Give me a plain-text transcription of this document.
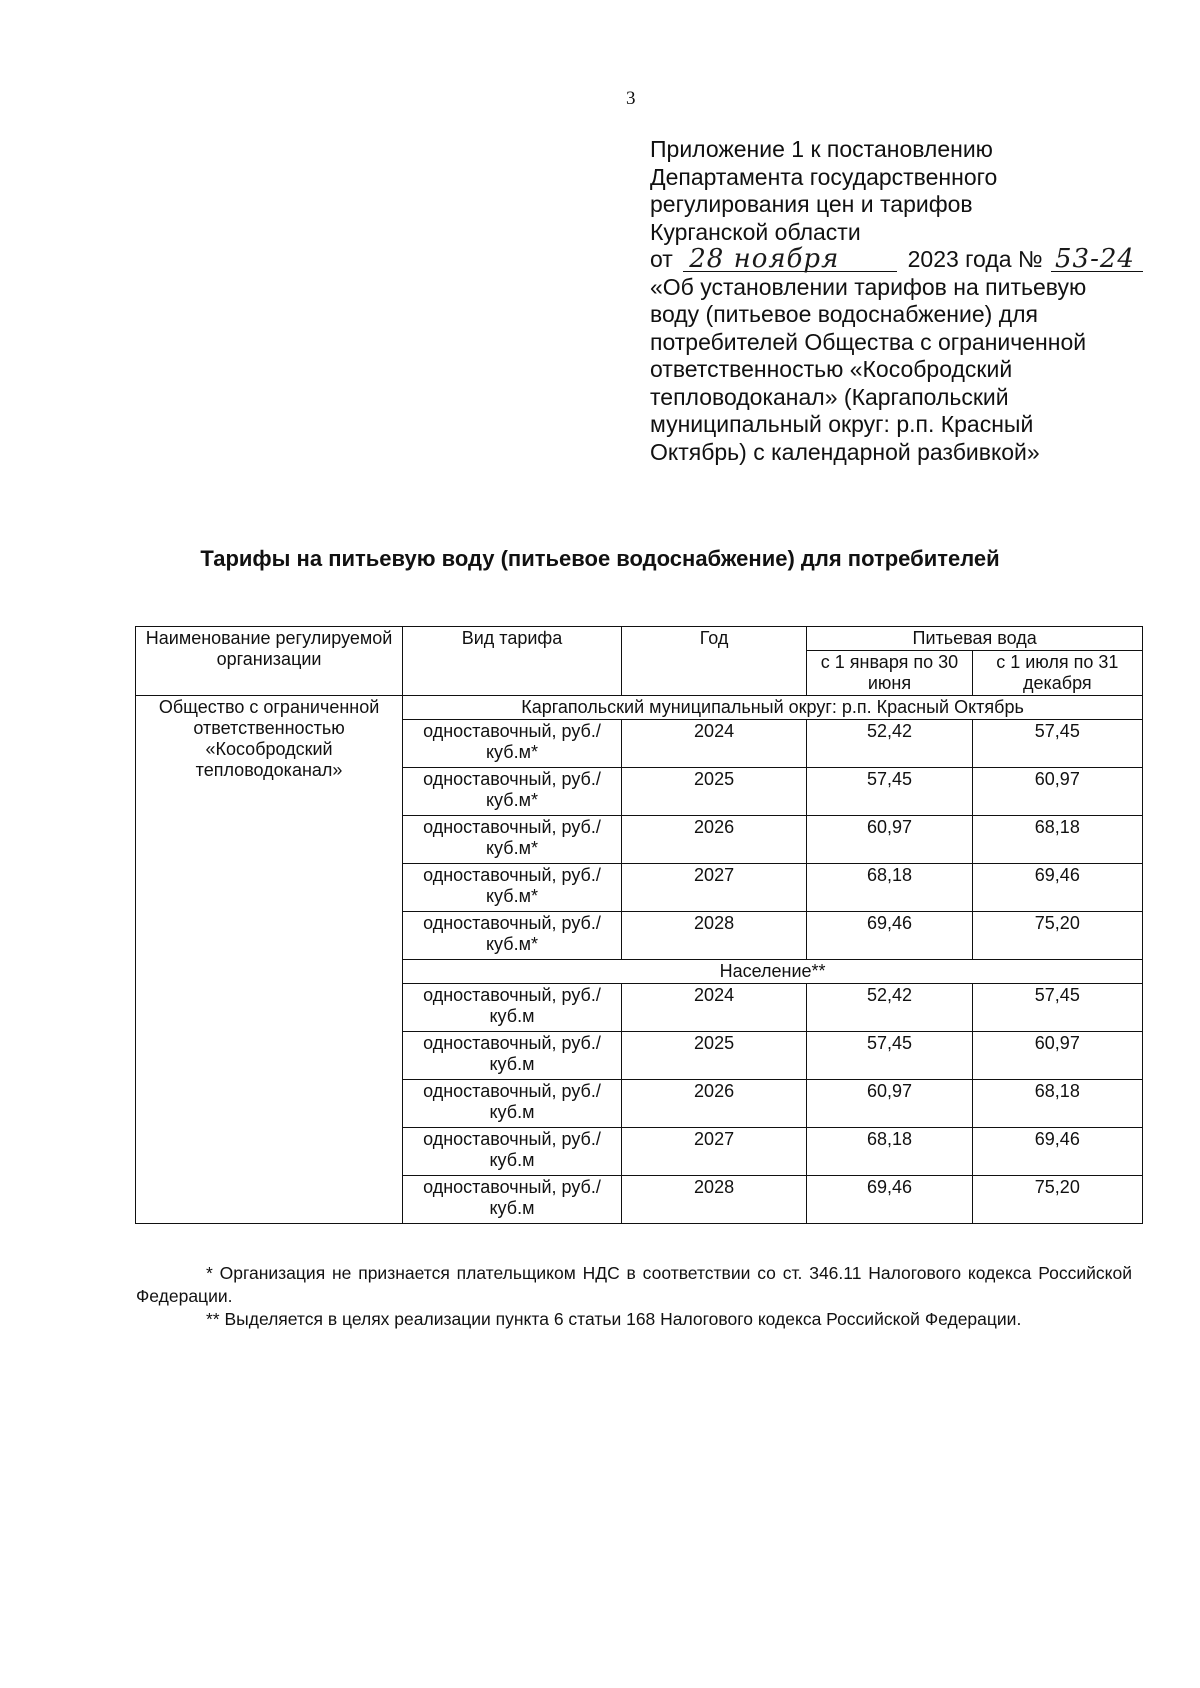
3
Приложение 1 к постановлению
Департамента государственного
регулирования цен и тарифов
Курганской области
от 28 ноября	2023 года № 53-24
«Об установлении тарифов на питьевую
воду (питьевое водоснабжение) для
потребителей Общества с ограниченной
ответственностью «Кособродский
тепловодоканал» (Каргапольский
муниципальный округ: р.п. Красный
Октябрь) с календарной разбивкой»
Тарифы на питьевую воду (питьевое водоснабжение) для потребителей
Наименование регулируемой организации	Вид тарифа	Год	Питьевая вода	
			с 1 января по 30 июня	с 1 июля по 31 декабря
Общество с ограниченной ответственностью «Кособродский тепловодоканал»	Каргапольский муниципальный округ: р.п. Красный Октябрь			
	одноставочный, руб./куб.м*	2024	52,42	57,45
	одноставочный, руб./куб.м*	2025	57,45	60,97
	одноставочный, руб./куб.м*	2026	60,97	68,18
	одноставочный, руб./куб.м*	2027	68,18	69,46
	одноставочный, руб./куб.м*	2028	69,46	75,20
	Население**			
	одноставочный, руб./куб.м	2024	52,42	57,45
	одноставочный, руб./куб.м	2025	57,45	60,97
	одноставочный, руб./куб.м	2026	60,97	68,18
	одноставочный, руб./куб.м	2027	68,18	69,46
	одноставочный, руб./куб.м	2028	69,46	75,20

* Организация не признается плательщиком НДС в соответствии со ст. 346.11 Налогового кодекса Российской Федерации.

** Выделяется в целях реализации пункта 6 статьи 168 Налогового кодекса Российской Федерации.
